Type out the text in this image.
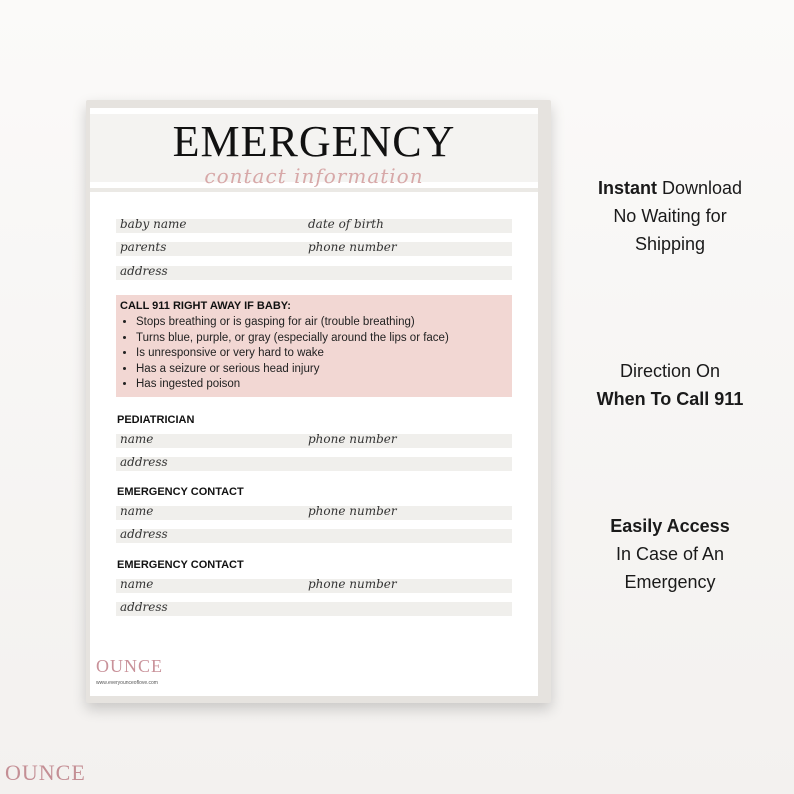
EMERGENCY
contact information
baby name	date of birth
parents	phone number
address
CALL 911 RIGHT AWAY IF BABY:
• Stops breathing or is gasping for air (trouble breathing)
• Turns blue, purple, or gray (especially around the lips or face)
• Is unresponsive or very hard to wake
• Has a seizure or serious head injury
• Has ingested poison
PEDIATRICIAN
name	phone number
address
EMERGENCY CONTACT
name	phone number
address
EMERGENCY CONTACT
name	phone number
address
OUNCE
www.everyounceoflove.com
Instant Download
No Waiting for
Shipping
Direction On
When To Call 911
Easily Access
In Case of An
Emergency
OUNCE
